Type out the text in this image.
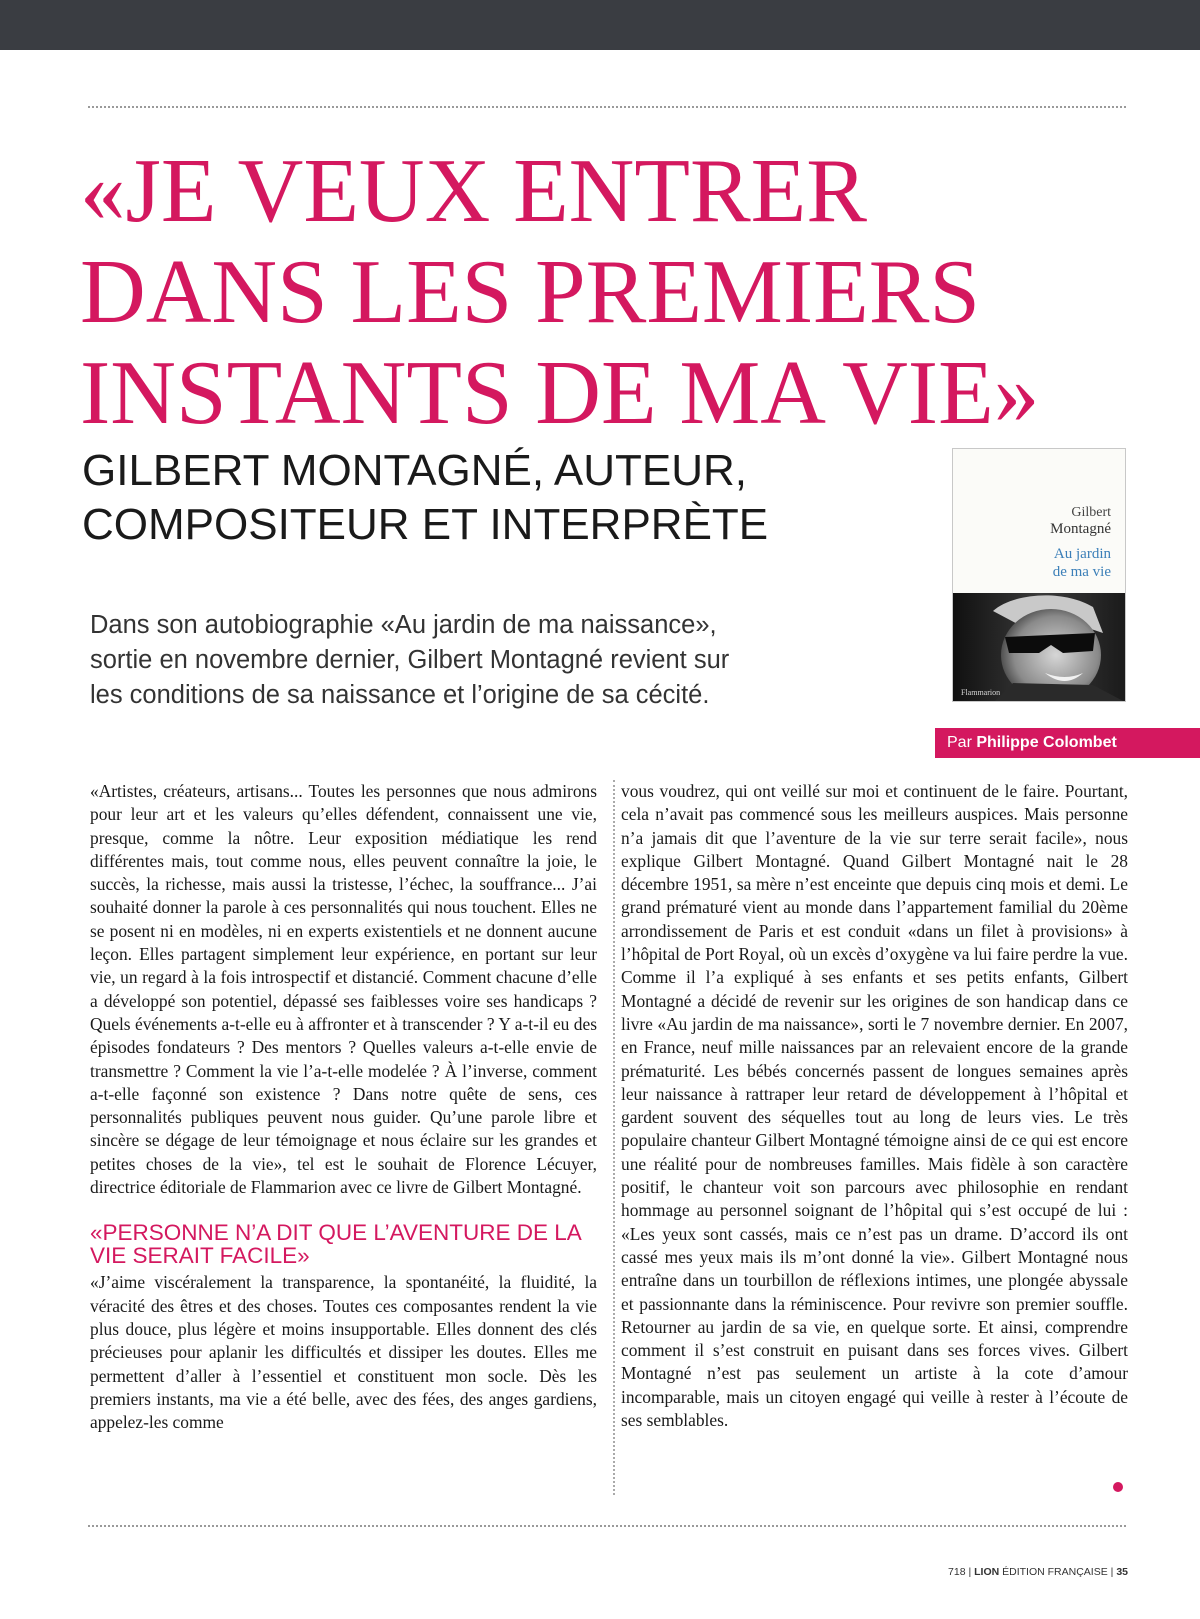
«JE VEUX ENTRER
DANS LES PREMIERS
INSTANTS DE MA VIE»
GILBERT MONTAGNÉ, AUTEUR,
COMPOSITEUR ET INTERPRÈTE
Dans son autobiographie «Au jardin de ma naissance»,
sortie en novembre dernier, Gilbert Montagné revient sur
les conditions de sa naissance et l’origine de sa cécité.
Gilbert
Montagné
Au jardin
de ma vie
Flammarion
Par Philippe Colombet

«Artistes, créateurs, artisans... Toutes les personnes que nous admirons pour leur art et les valeurs qu’elles défendent, connaissent une vie, presque, comme la nôtre. Leur exposition médiatique les rend différentes mais, tout comme nous, elles peuvent connaître la joie, le succès, la richesse, mais aussi la tristesse, l’échec, la souffrance... J’ai souhaité donner la parole à ces personnalités qui nous touchent. Elles ne se posent ni en modèles, ni en experts existentiels et ne donnent aucune leçon. Elles partagent simplement leur expérience, en portant sur leur vie, un regard à la fois introspectif et distancié. Comment chacune d’elle a développé son potentiel, dépassé ses faiblesses voire ses handicaps ? Quels événements a-t-elle eu à affronter et à transcender ? Y a-t-il eu des épisodes fondateurs ? Des mentors ? Quelles valeurs a-t-elle envie de transmettre ? Comment la vie l’a-t-elle modelée ? À l’inverse, comment a-t-elle façonné son existence ? Dans notre quête de sens, ces personnalités publiques peuvent nous guider. Qu’une parole libre et sincère se dégage de leur témoignage et nous éclaire sur les grandes et petites choses de la vie», tel est le souhait de Florence Lécuyer, directrice éditoriale de Flammarion avec ce livre de Gilbert Montagné.

«PERSONNE N’A DIT QUE L’AVENTURE DE LA VIE SERAIT FACILE»

«J’aime viscéralement la transparence, la spontanéité, la fluidité, la véracité des êtres et des choses. Toutes ces composantes rendent la vie plus douce, plus légère et moins insupportable. Elles donnent des clés précieuses pour aplanir les difficultés et dissiper les doutes. Elles me permettent d’aller à l’essentiel et constituent mon socle. Dès les premiers instants, ma vie a été belle, avec des fées, des anges gardiens, appelez-les comme

vous voudrez, qui ont veillé sur moi et continuent de le faire. Pourtant, cela n’avait pas commencé sous les meilleurs auspices. Mais personne n’a jamais dit que l’aventure de la vie sur terre serait facile», nous explique Gilbert Montagné. Quand Gilbert Montagné nait le 28 décembre 1951, sa mère n’est enceinte que depuis cinq mois et demi. Le grand prématuré vient au monde dans l’appartement familial du 20ème arrondissement de Paris et est conduit «dans un filet à provisions» à l’hôpital de Port Royal, où un excès d’oxygène va lui faire perdre la vue. Comme il l’a expliqué à ses enfants et ses petits enfants, Gilbert Montagné a décidé de revenir sur les origines de son handicap dans ce livre «Au jardin de ma naissance», sorti le 7 novembre dernier. En 2007, en France, neuf mille naissances par an relevaient encore de la grande prématurité. Les bébés concernés passent de longues semaines après leur naissance à rattraper leur retard de développement à l’hôpital et gardent souvent des séquelles tout au long de leurs vies. Le très populaire chanteur Gilbert Montagné témoigne ainsi de ce qui est encore une réalité pour de nombreuses familles. Mais fidèle à son caractère positif, le chanteur voit son parcours avec philosophie en rendant hommage au personnel soignant de l’hôpital qui s’est occupé de lui : «Les yeux sont cassés, mais ce n’est pas un drame. D’accord ils ont cassé mes yeux mais ils m’ont donné la vie». Gilbert Montagné nous entraîne dans un tourbillon de réflexions intimes, une plongée abyssale et passionnante dans la réminiscence. Pour revivre son premier souffle. Retourner au jardin de sa vie, en quelque sorte. Et ainsi, comprendre comment il s’est construit en puisant dans ses forces vives. Gilbert Montagné n’est pas seulement un artiste à la cote d’amour incomparable, mais un citoyen engagé qui veille à rester à l’écoute de ses semblables.

718 | LION ÉDITION FRANÇAISE | 35
